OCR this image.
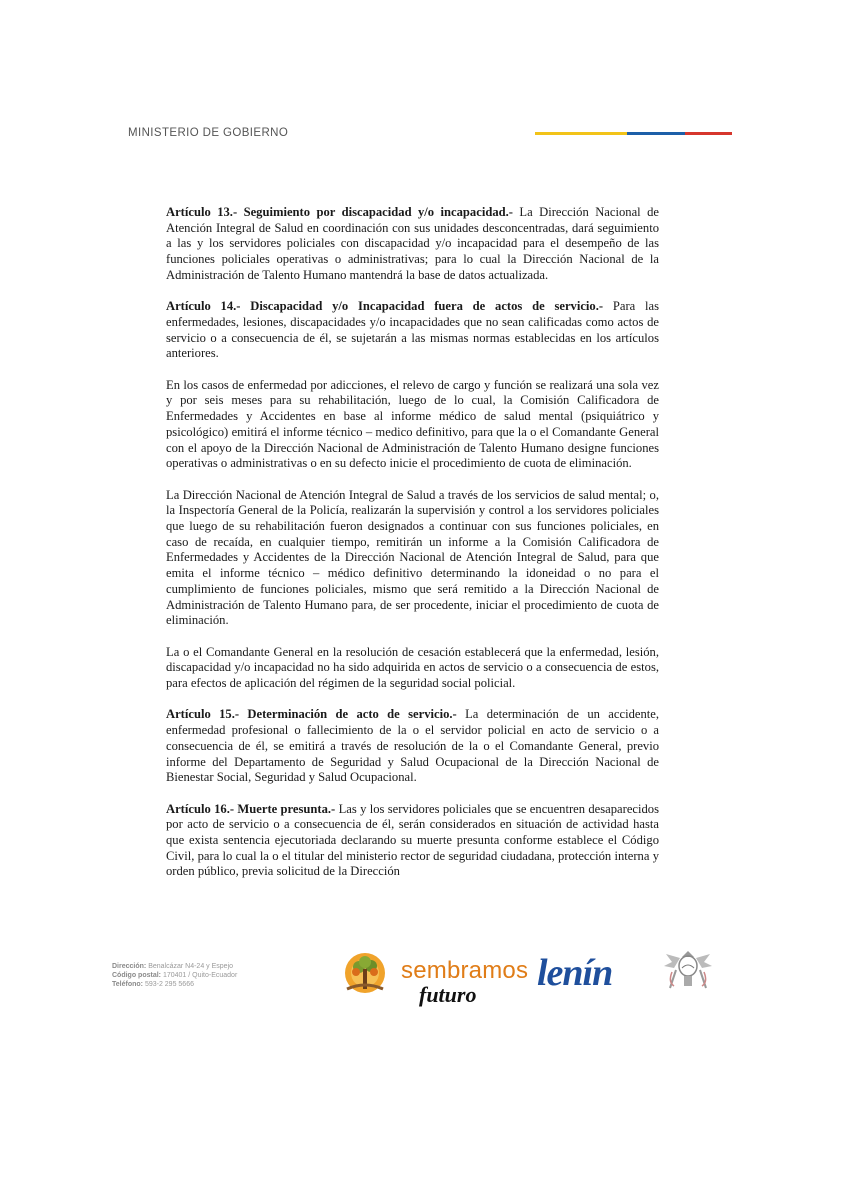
MINISTERIO DE GOBIERNO

Artículo 13.- Seguimiento por discapacidad y/o incapacidad.- La Dirección Nacional de Atención Integral de Salud en coordinación con sus unidades desconcentradas, dará seguimiento a las y los servidores policiales con discapacidad y/o incapacidad para el desempeño de las funciones policiales operativas o administrativas; para lo cual la Dirección Nacional de la Administración de Talento Humano mantendrá la base de datos actualizada.

Artículo 14.- Discapacidad y/o Incapacidad fuera de actos de servicio.- Para las enfermedades, lesiones, discapacidades y/o incapacidades que no sean calificadas como actos de servicio o a consecuencia de él, se sujetarán a las mismas normas establecidas en los artículos anteriores.

En los casos de enfermedad por adicciones, el relevo de cargo y función se realizará una sola vez y por seis meses para su rehabilitación, luego de lo cual, la Comisión Calificadora de Enfermedades y Accidentes en base al informe médico de salud mental (psiquiátrico y psicológico) emitirá el informe técnico – medico definitivo, para que la o el Comandante General con el apoyo de la Dirección Nacional de Administración de Talento Humano designe funciones operativas o administrativas o en su defecto inicie el procedimiento de cuota de eliminación.

La Dirección Nacional de Atención Integral de Salud a través de los servicios de salud mental; o, la Inspectoría General de la Policía, realizarán la supervisión y control a los servidores policiales que luego de su rehabilitación fueron designados a continuar con sus funciones policiales, en caso de recaída, en cualquier tiempo, remitirán un informe a la Comisión Calificadora de Enfermedades y Accidentes de la Dirección Nacional de Atención Integral de Salud, para que emita el informe técnico – médico definitivo determinando la idoneidad o no para el cumplimiento de funciones policiales, mismo que será remitido a la Dirección Nacional de Administración de Talento Humano para, de ser procedente, iniciar el procedimiento de cuota de eliminación.

La o el Comandante General en la resolución de cesación establecerá que la enfermedad, lesión, discapacidad y/o incapacidad no ha sido adquirida en actos de servicio o a consecuencia de estos, para efectos de aplicación del régimen de la seguridad social policial.

Artículo 15.- Determinación de acto de servicio.- La determinación de un accidente, enfermedad profesional o fallecimiento de la o el servidor policial en acto de servicio o a consecuencia de él, se emitirá a través de resolución de la o el Comandante General, previo informe del Departamento de Seguridad y Salud Ocupacional de la Dirección Nacional de Bienestar Social, Seguridad y Salud Ocupacional.

Artículo 16.- Muerte presunta.- Las y los servidores policiales que se encuentren desaparecidos por acto de servicio o a consecuencia de él, serán considerados en situación de actividad hasta que exista sentencia ejecutoriada declarando su muerte presunta conforme establece el Código Civil, para lo cual la o el titular del ministerio rector de seguridad ciudadana, protección interna y orden público, previa solicitud de la Dirección

Dirección: Benalcázar N4-24 y Espejo
Código postal: 170401 / Quito-Ecuador
Teléfono: 593-2 295 5666
sembramos
futuro
lenín
